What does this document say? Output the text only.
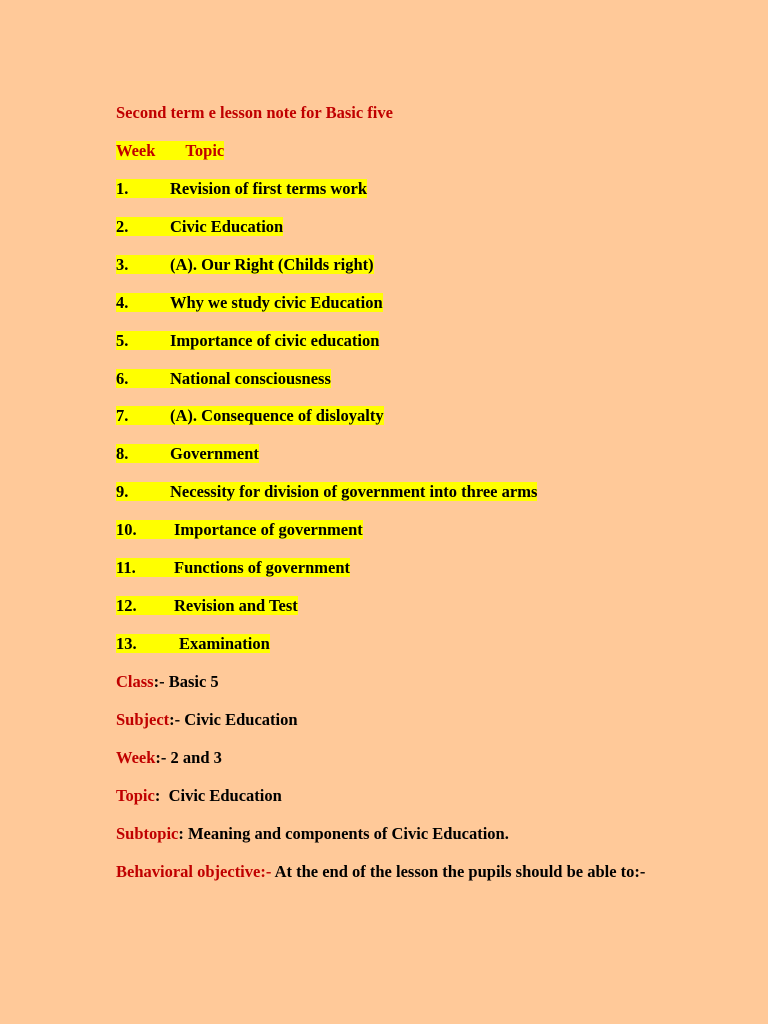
Second term e lesson note for Basic five
Week Topic
1.	Revision of first terms work
2.	Civic Education
3.	(A). Our Right (Childs right)
4.	Why we study civic Education
5.	Importance of civic education
6.	National consciousness
7.	(A). Consequence of disloyalty
8.	Government
9.	Necessity for division of government into three arms
10. Importance of government
11. Functions of government
12. Revision and Test
13.	Examination
Class:- Basic 5
Subject:- Civic Education
Week:- 2 and 3
Topic:  Civic Education
Subtopic: Meaning and components of Civic Education.
Behavioral objective:- At the end of the lesson the pupils should be able to:-
